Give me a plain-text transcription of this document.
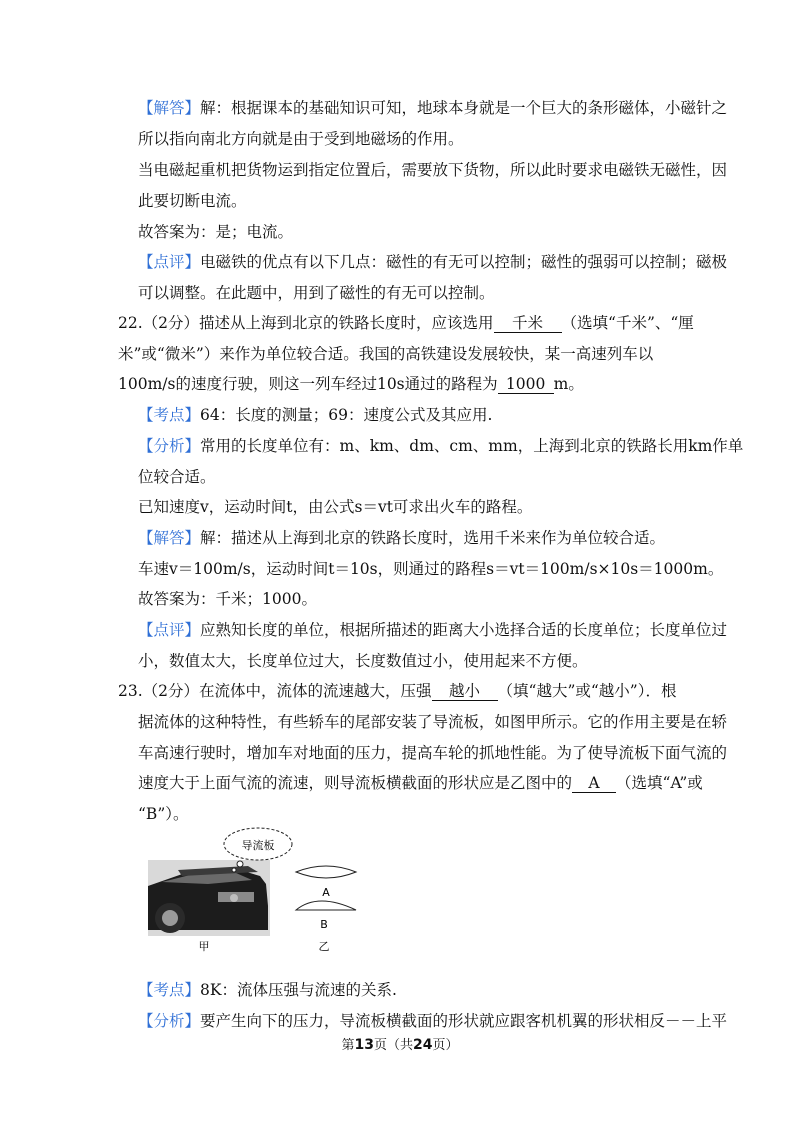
【解答】解：根据课本的基础知识可知，地球本身就是一个巨大的条形磁体，小磁针之
所以指向南北方向就是由于受到地磁场的作用。
当电磁起重机把货物运到指定位置后，需要放下货物，所以此时要求电磁铁无磁性，因
此要切断电流。
故答案为：是；电流。
【点评】电磁铁的优点有以下几点：磁性的有无可以控制；磁性的强弱可以控制；磁极
可以调整。在此题中，用到了磁性的有无可以控制。
22.（2分）描述从上海到北京的铁路长度时，应该选用 千米 （选填“千米”、“厘
米”或“微米”）来作为单位较合适。我国的高铁建设发展较快，某一高速列车以
100m/s的速度行驶，则这一列车经过10s通过的路程为 1000 m。
【考点】64：长度的测量；69：速度公式及其应用.
【分析】常用的长度单位有：m、km、dm、cm、mm，上海到北京的铁路长用km作单
位较合适。
已知速度v，运动时间t，由公式s＝vt可求出火车的路程。
【解答】解：描述从上海到北京的铁路长度时，选用千米来作为单位较合适。
车速v＝100m/s，运动时间t＝10s，则通过的路程s＝vt＝100m/s×10s＝1000m。
故答案为：千米；1000。
【点评】应熟知长度的单位，根据所描述的距离大小选择合适的长度单位；长度单位过
小，数值太大，长度单位过大，长度数值过小，使用起来不方便。
23.（2分）在流体中，流体的流速越大，压强 越小 （填“越大”或“越小”）．根
据流体的这种特性，有些轿车的尾部安装了导流板，如图甲所示。它的作用主要是在轿
车高速行驶时，增加车对地面的压力，提高车轮的抓地性能。为了使导流板下面气流的
速度大于上面气流的流速，则导流板横截面的形状应是乙图中的 A （选填“A”或
“B”）。
导流板
A
B
甲	乙
【考点】8K：流体压强与流速的关系.
【分析】要产生向下的压力，导流板横截面的形状就应跟客机机翼的形状相反－－上平
第13页（共24页）
